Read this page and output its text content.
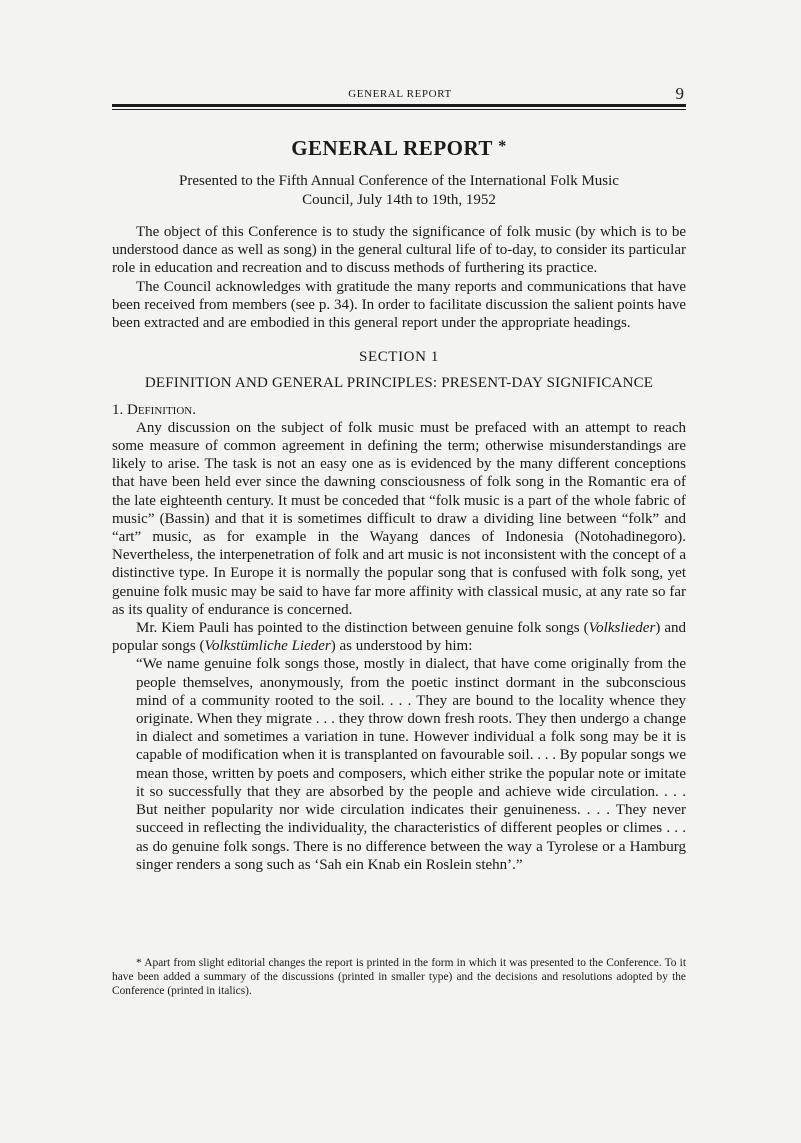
GENERAL REPORT	9
GENERAL REPORT *
Presented to the Fifth Annual Conference of the International Folk Music Council, July 14th to 19th, 1952

The object of this Conference is to study the significance of folk music (by which is to be understood dance as well as song) in the general cultural life of to-day, to consider its particular role in education and recreation and to discuss methods of furthering its practice.

The Council acknowledges with gratitude the many reports and communications that have been received from members (see p. 34). In order to facilitate discussion the salient points have been extracted and are embodied in this general report under the appropriate headings.

SECTION 1
DEFINITION AND GENERAL PRINCIPLES: PRESENT-DAY SIGNIFICANCE
1. Definition.

Any discussion on the subject of folk music must be prefaced with an attempt to reach some measure of common agreement in defining the term; otherwise misunderstandings are likely to arise. The task is not an easy one as is evidenced by the many different conceptions that have been held ever since the dawning consciousness of folk song in the Romantic era of the late eighteenth century. It must be conceded that “folk music is a part of the whole fabric of music” (Bassin) and that it is sometimes difficult to draw a dividing line between “folk” and “art” music, as for example in the Wayang dances of Indonesia (Notohadinegoro). Nevertheless, the interpenetration of folk and art music is not inconsistent with the concept of a distinctive type. In Europe it is normally the popular song that is confused with folk song, yet genuine folk music may be said to have far more affinity with classical music, at any rate so far as its quality of endurance is concerned.

Mr. Kiem Pauli has pointed to the distinction between genuine folk songs (Volkslieder) and popular songs (Volkstümliche Lieder) as understood by him:

“We name genuine folk songs those, mostly in dialect, that have come originally from the people themselves, anonymously, from the poetic instinct dormant in the subconscious mind of a community rooted to the soil. . . . They are bound to the locality whence they originate. When they migrate . . . they throw down fresh roots. They then undergo a change in dialect and sometimes a variation in tune. However individual a folk song may be it is capable of modification when it is transplanted on favourable soil. . . . By popular songs we mean those, written by poets and composers, which either strike the popular note or imitate it so successfully that they are absorbed by the people and achieve wide circulation. . . . But neither popularity nor wide circulation indicates their genuineness. . . . They never succeed in reflecting the individuality, the characteristics of different peoples or climes . . . as do genuine folk songs. There is no difference between the way a Tyrolese or a Hamburg singer renders a song such as ‘Sah ein Knab ein Roslein stehn’.”

* Apart from slight editorial changes the report is printed in the form in which it was presented to the Conference. To it have been added a summary of the discussions (printed in smaller type) and the decisions and resolutions adopted by the Conference (printed in italics).
